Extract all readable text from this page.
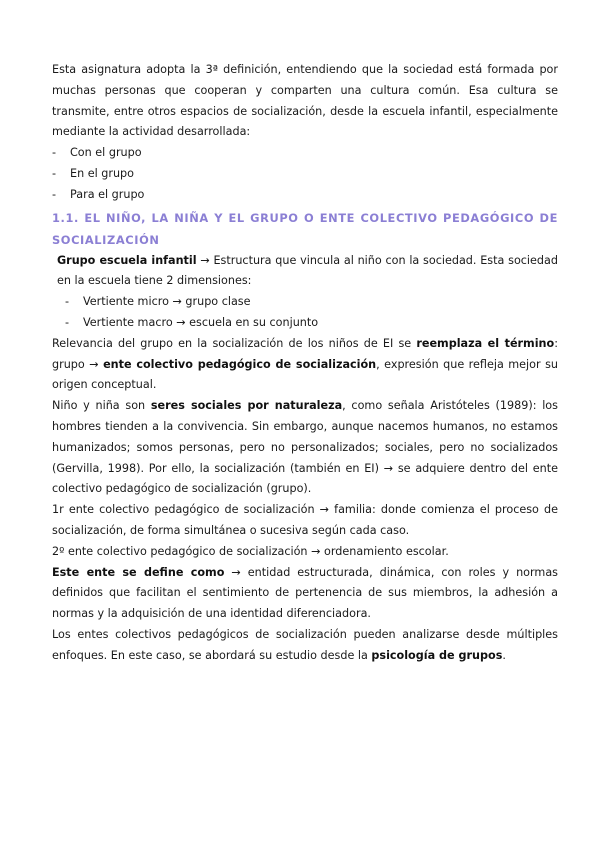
Esta asignatura adopta la 3ª definición, entendiendo que la sociedad está formada por muchas personas que cooperan y comparten una cultura común. Esa cultura se transmite, entre otros espacios de socialización, desde la escuela infantil, especialmente mediante la actividad desarrollada:

-	Con el grupo
-	En el grupo
-	Para el grupo

1.1. EL NIÑO, LA NIÑA Y EL GRUPO O ENTE COLECTIVO PEDAGÓGICO DE SOCIALIZACIÓN

Grupo escuela infantil → Estructura que vincula al niño con la sociedad. Esta sociedad en la escuela tiene 2 dimensiones:

-	Vertiente micro → grupo clase
-	Vertiente macro → escuela en su conjunto

Relevancia del grupo en la socialización de los niños de EI se reemplaza el término: grupo → ente colectivo pedagógico de socialización, expresión que refleja mejor su origen conceptual.

Niño y niña son seres sociales por naturaleza, como señala Aristóteles (1989): los hombres tienden a la convivencia. Sin embargo, aunque nacemos humanos, no estamos humanizados; somos personas, pero no personalizados; sociales, pero no socializados (Gervilla, 1998). Por ello, la socialización (también en EI) → se adquiere dentro del ente colectivo pedagógico de socialización (grupo).

1r ente colectivo pedagógico de socialización → familia: donde comienza el proceso de socialización, de forma simultánea o sucesiva según cada caso.

2º ente colectivo pedagógico de socialización → ordenamiento escolar.

Este ente se define como → entidad estructurada, dinámica, con roles y normas definidos que facilitan el sentimiento de pertenencia de sus miembros, la adhesión a normas y la adquisición de una identidad diferenciadora.

Los entes colectivos pedagógicos de socialización pueden analizarse desde múltiples enfoques. En este caso, se abordará su estudio desde la psicología de grupos.
